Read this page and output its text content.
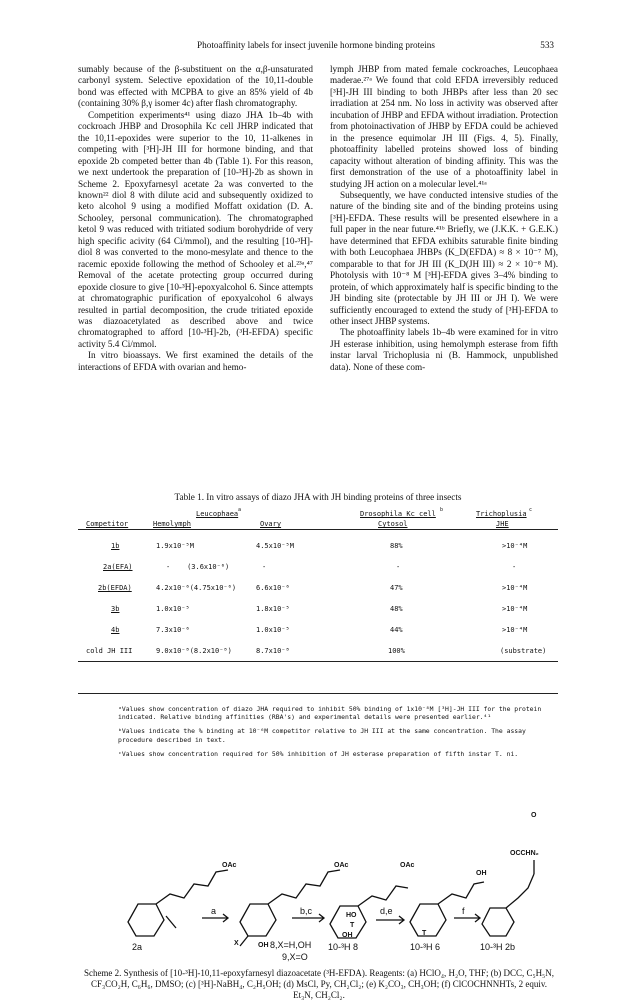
Photoaffinity labels for insect juvenile hormone binding proteins	533

sumably because of the β-substituent on the α,β-unsaturated carbonyl system. Selective epoxidation of the 10,11-double bond was effected with MCPBA to give an 85% yield of 4b (containing 30% β,γ isomer 4c) after flash chromatography.

Competition experiments⁴¹ using diazo JHA 1b–4b with cockroach JHBP and Drosophila Kc cell JHRP indicated that the 10,11-epoxides were superior to the 10, 11-alkenes in competing with [³H]-JH III for hormone binding, and that epoxide 2b competed better than 4b (Table 1). For this reason, we next undertook the preparation of [10-³H]-2b as shown in Scheme 2. Epoxyfarnesyl acetate 2a was converted to the known²² diol 8 with dilute acid and subsequently oxidized to keto alcohol 9 using a modified Moffatt oxidation (D. A. Schooley, personal communication). The chromatographed ketol 9 was reduced with tritiated sodium borohydride of very high specific acivity (64 Ci/mmol), and the resulting [10-³H]-diol 8 was converted to the mono-mesylate and thence to the racemic epoxide following the method of Schooley et al.²³ᵃ,⁴⁷ Removal of the acetate protecting group occurred during epoxide closure to give [10-³H]-epoxyalcohol 6. Since attempts at chromatographic purification of epoxyalcohol 6 always resulted in partial decomposition, the crude tritiated epoxide was diazoacetylated as described above and twice chromatographed to afford [10-³H]-2b, (³H-EFDA) specific activity 5.4 Ci/mmol.

In vitro bioassays. We first examined the details of the interactions of EFDA with ovarian and hemo-

lymph JHBP from mated female cockroaches, Leucophaea maderae.²⁷ᵃ We found that cold EFDA irreversibly reduced [³H]-JH III binding to both JHBPs after less than 20 sec irradiation at 254 nm. No loss in activity was observed after incubation of JHBP and EFDA without irradiation. Protection from photoinactivation of JHBP by EFDA could be achieved in the presence equimolar JH III (Figs. 4, 5). Finally, photoaffinity labelled proteins showed loss of binding capacity without alteration of binding affinity. This was the first demonstration of the use of a photoaffinity label in studying JH action on a molecular level.⁴¹ᵃ

Subsequently, we have conducted intensive studies of the nature of the binding site and of the binding proteins using [³H]-EFDA. These results will be presented elsewhere in a full paper in the near future.⁴¹ᵇ Briefly, we (J.K.K. + G.E.K.) have determined that EFDA exhibits saturable finite binding with both Leucophaea JHBPs (K_D(EFDA) ≈ 8 × 10⁻⁷ M), comparable to that for JH III (K_D(JH III) ≈ 2 × 10⁻⁸ M). Photolysis with 10⁻⁸ M [³H]-EFDA gives 3–4% binding to protein, of which approximately half is specific binding to the JH binding site (protectable by JH III or JH I). We were sufficiently encouraged to extend the study of [³H]-EFDA to other insect JHBP systems.

The photoaffinity labels 1b–4b were examined for in vitro JH esterase inhibition, using hemolymph esterase from fifth instar larval Trichoplusia ni (B. Hammock, unpublished data). None of these com-

Table 1. In vitro assays of diazo JHA with JH binding proteins of three insects
Leucophaea a	Drosophila Kc cell b	Trichoplusia c
Competitor	Hemolymph	Ovary	Cytosol	JHE
1b	1.9x10⁻⁵M	4.5x10⁻⁵M	88%	>10⁻⁴M
2a(EFA)	-    (3.6x10⁻⁶)	-	-	-
2b(EFDA)	4.2x10⁻⁶(4.75x10⁻⁶)	6.6x10⁻⁶	47%	>10⁻⁴M
3b	1.0x10⁻⁵	1.8x10⁻⁵	48%	>10⁻⁴M
4b	7.3x10⁻⁶	1.0x10⁻⁵	44%	>10⁻⁴M
cold JH III	9.0x10⁻⁸(8.2x10⁻⁸)	8.7x10⁻⁸	100%	(substrate)

ᵃValues show concentration of diazo JHA required to inhibit 50% binding of 1x10⁻⁸M [³H]-JH III for the protein indicated. Relative binding affinities (RBA's) and experimental details were presented earlier.⁴¹

ᵇValues indicate the % binding at 10⁻⁶M competitor relative to JH III at the same concentration. The assay procedure described in text.

ᶜValues show concentration required for 50% inhibition of JH esterase preparation of fifth instar T. ni.

2a
OAc
a
OAc
X	OH 8,X=H,OH
9,X=O
b,c
OAc
HO
T
OH
10-³H 8
d,e
OH
T
10-³H 6
f
O
OCCHN₂
10-³H 2b
Scheme 2. Synthesis of [10-³H]-10,11-epoxyfarnesyl diazoacetate (³H-EFDA). Reagents: (a) HClO₄, H₂O, THF; (b) DCC, C₅H₅N, CF₃CO₂H, C₆H₆, DMSO; (c) [³H]-NaBH₄, C₂H₅OH; (d) MsCl, Py, CH₂Cl₂; (e) K₂CO₃, CH₃OH; (f) ClCOCHNNHTs, 2 equiv. Et₃N, CH₂Cl₂.
